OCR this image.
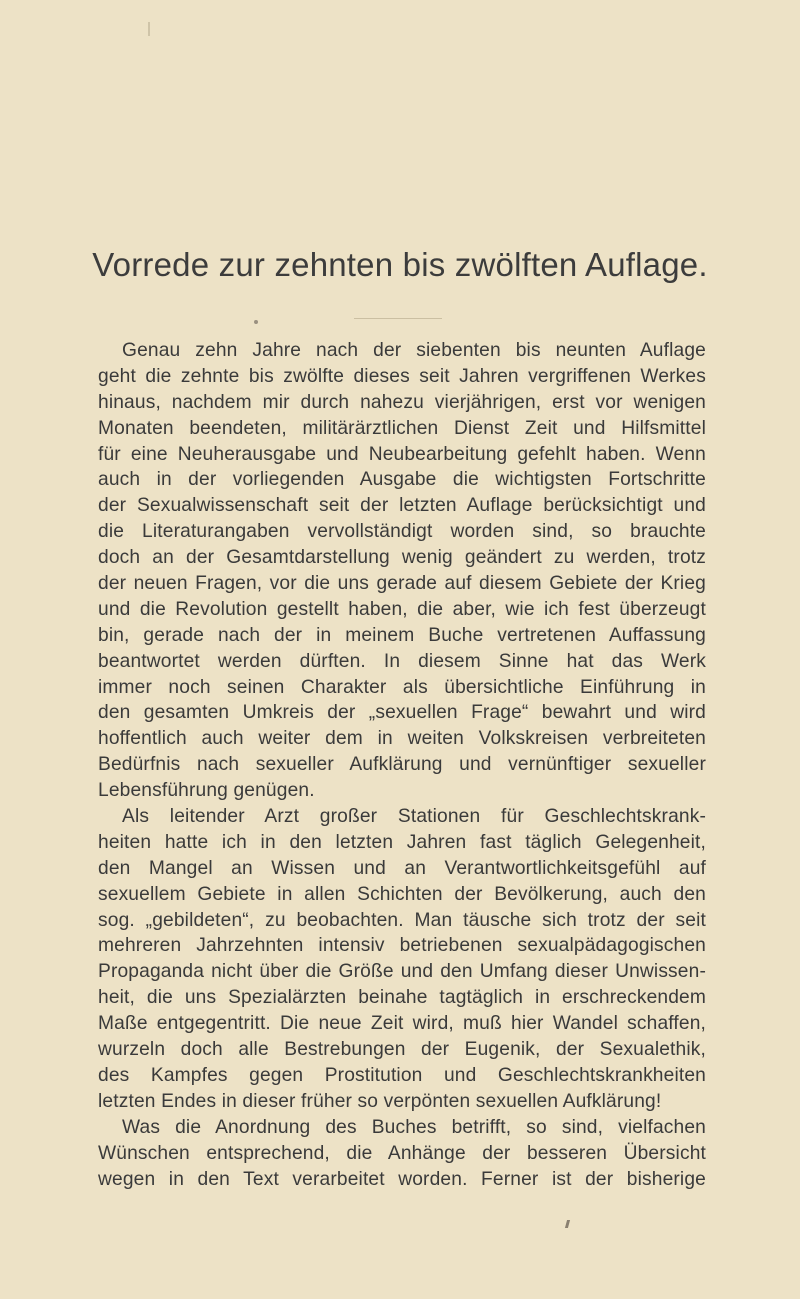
Vorrede zur zehnten bis zwölften Auflage.
Genau zehn Jahre nach der siebenten bis neunten Auflage
geht die zehnte bis zwölfte dieses seit Jahren vergriffenen Werkes
hinaus, nachdem mir durch nahezu vierjährigen, erst vor wenigen
Monaten beendeten, militärärztlichen Dienst Zeit und Hilfsmittel
für eine Neuherausgabe und Neubearbeitung gefehlt haben. Wenn
auch in der vorliegenden Ausgabe die wichtigsten Fortschritte
der Sexualwissenschaft seit der letzten Auflage berücksichtigt und
die Literaturangaben vervollständigt worden sind, so brauchte
doch an der Gesamtdarstellung wenig geändert zu werden, trotz
der neuen Fragen, vor die uns gerade auf diesem Gebiete der Krieg
und die Revolution gestellt haben, die aber, wie ich fest überzeugt
bin, gerade nach der in meinem Buche vertretenen Auffassung
beantwortet werden dürften. In diesem Sinne hat das Werk
immer noch seinen Charakter als übersichtliche Einführung in
den gesamten Umkreis der „sexuellen Frage“ bewahrt und wird
hoffentlich auch weiter dem in weiten Volkskreisen verbreiteten
Bedürfnis nach sexueller Aufklärung und vernünftiger sexueller
Lebensführung genügen.
Als leitender Arzt großer Stationen für Geschlechtskrank-
heiten hatte ich in den letzten Jahren fast täglich Gelegenheit,
den Mangel an Wissen und an Verantwortlichkeitsgefühl auf
sexuellem Gebiete in allen Schichten der Bevölkerung, auch den
sog. „gebildeten“, zu beobachten. Man täusche sich trotz der seit
mehreren Jahrzehnten intensiv betriebenen sexualpädagogischen
Propaganda nicht über die Größe und den Umfang dieser Unwissen-
heit, die uns Spezialärzten beinahe tagtäglich in erschreckendem
Maße entgegentritt. Die neue Zeit wird, muß hier Wandel schaffen,
wurzeln doch alle Bestrebungen der Eugenik, der Sexualethik,
des Kampfes gegen Prostitution und Geschlechtskrankheiten
letzten Endes in dieser früher so verpönten sexuellen Aufklärung!
Was die Anordnung des Buches betrifft, so sind, vielfachen
Wünschen entsprechend, die Anhänge der besseren Übersicht
wegen in den Text verarbeitet worden. Ferner ist der bisherige
